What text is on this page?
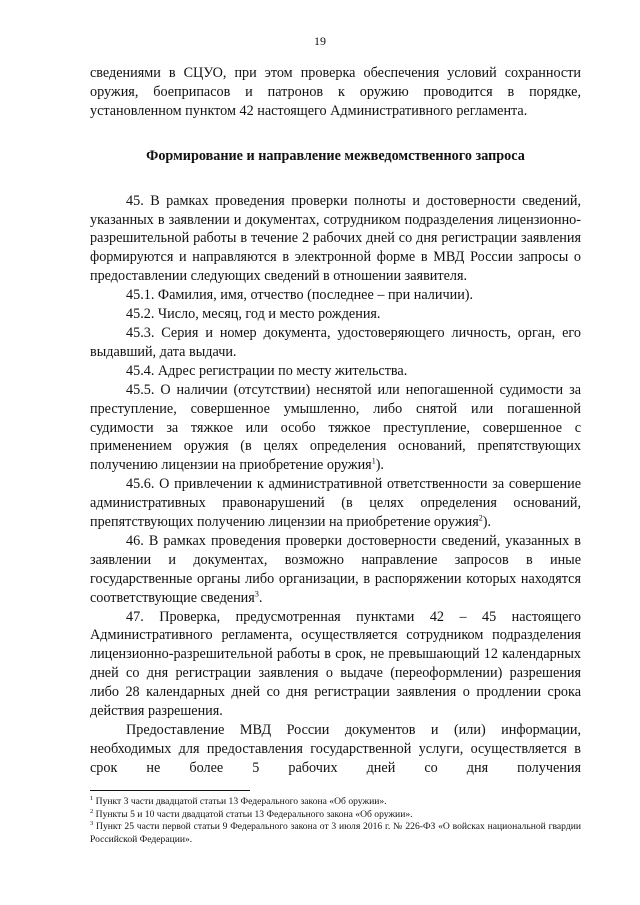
19

сведениями в СЦУО, при этом проверка обеспечения условий сохранности оружия, боеприпасов и патронов к оружию проводится в порядке, установленном пунктом 42 настоящего Административного регламента.

Формирование и направление межведомственного запроса

45. В рамках проведения проверки полноты и достоверности сведений, указанных в заявлении и документах, сотрудником подразделения лицензионно-разрешительной работы в течение 2 рабочих дней со дня регистрации заявления формируются и направляются в электронной форме в МВД России запросы о предоставлении следующих сведений в отношении заявителя.

45.1. Фамилия, имя, отчество (последнее – при наличии).

45.2. Число, месяц, год и место рождения.

45.3. Серия и номер документа, удостоверяющего личность, орган, его выдавший, дата выдачи.

45.4. Адрес регистрации по месту жительства.

45.5. О наличии (отсутствии) неснятой или непогашенной судимости за преступление, совершенное умышленно, либо снятой или погашенной судимости за тяжкое или особо тяжкое преступление, совершенное с применением оружия (в целях определения оснований, препятствующих получению лицензии на приобретение оружия$^1$).

45.6. О привлечении к административной ответственности за совершение административных правонарушений (в целях определения оснований, препятствующих получению лицензии на приобретение оружия$^2$).

46. В рамках проведения проверки достоверности сведений, указанных в заявлении и документах, возможно направление запросов в иные государственные органы либо организации, в распоряжении которых находятся соответствующие сведения$^3$.

47. Проверка, предусмотренная пунктами 42 – 45 настоящего Административного регламента, осуществляется сотрудником подразделения лицензионно-разрешительной работы в срок, не превышающий 12 календарных дней со дня регистрации заявления о выдаче (переоформлении) разрешения либо 28 календарных дней со дня регистрации заявления о продлении срока действия разрешения.

Предоставление МВД России документов и (или) информации, необходимых для предоставления государственной услуги, осуществляется в срок не более 5 рабочих дней со дня получения

$^1$ Пункт 3 части двадцатой статьи 13 Федерального закона «Об оружии».

$^2$ Пункты 5 и 10 части двадцатой статьи 13 Федерального закона «Об оружии».

$^3$ Пункт 25 части первой статьи 9 Федерального закона от 3 июля 2016 г. № 226-ФЗ «О войсках национальной гвардии Российской Федерации».
